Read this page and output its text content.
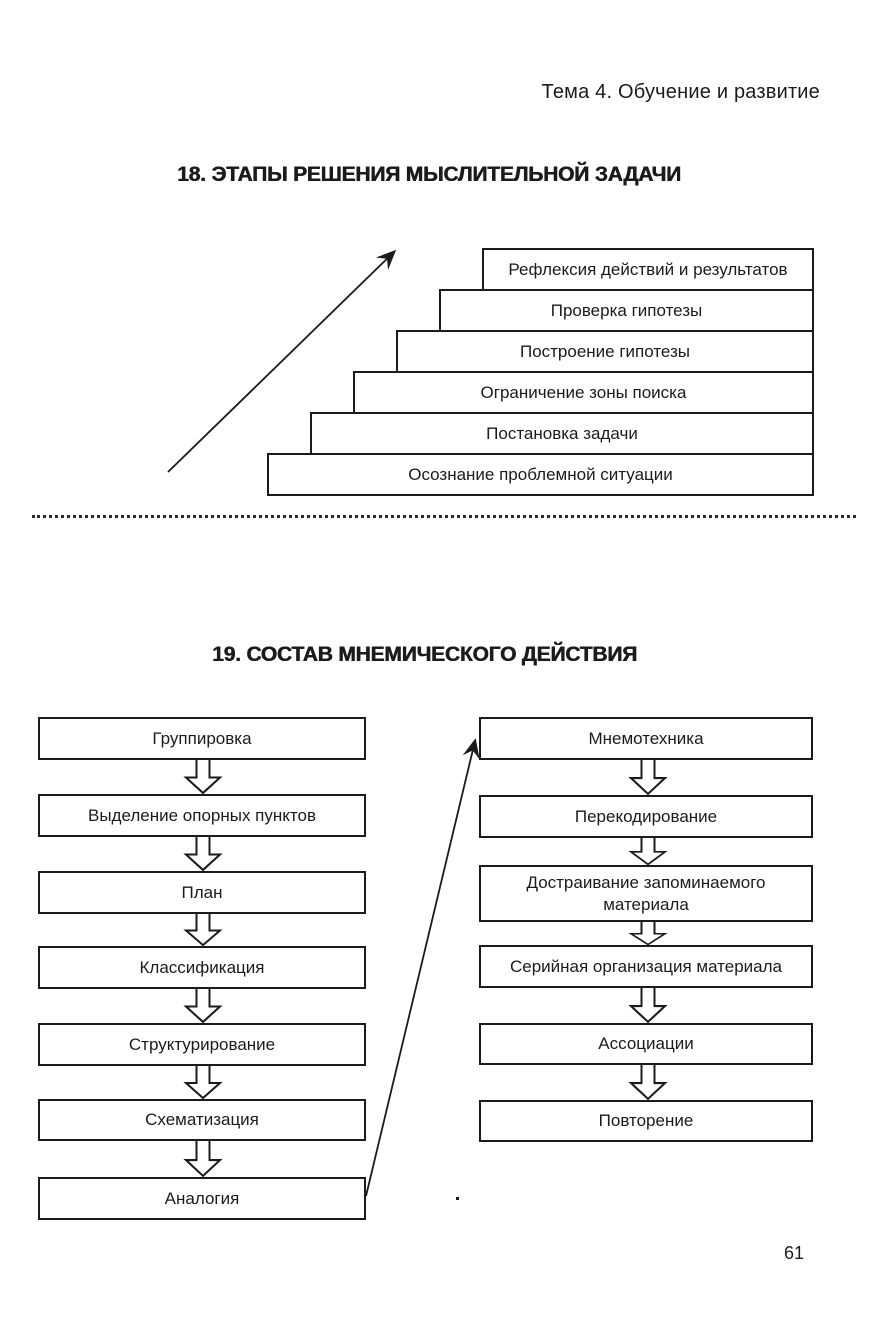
Тема 4. Обучение и развитие
18. ЭТАПЫ РЕШЕНИЯ МЫСЛИТЕЛЬНОЙ ЗАДАЧИ
Рефлексия действий и результатов
Проверка гипотезы
Построение гипотезы
Ограничение зоны поиска
Постановка задачи
Осознание проблемной ситуации
19. СОСТАВ МНЕМИЧЕСКОГО ДЕЙСТВИЯ
Группировка
Выделение опорных пунктов
План
Классификация
Структурирование
Схематизация
Аналогия
Мнемотехника
Перекодирование
Достраивание запоминаемого материала
Серийная организация материала
Ассоциации
Повторение
61
